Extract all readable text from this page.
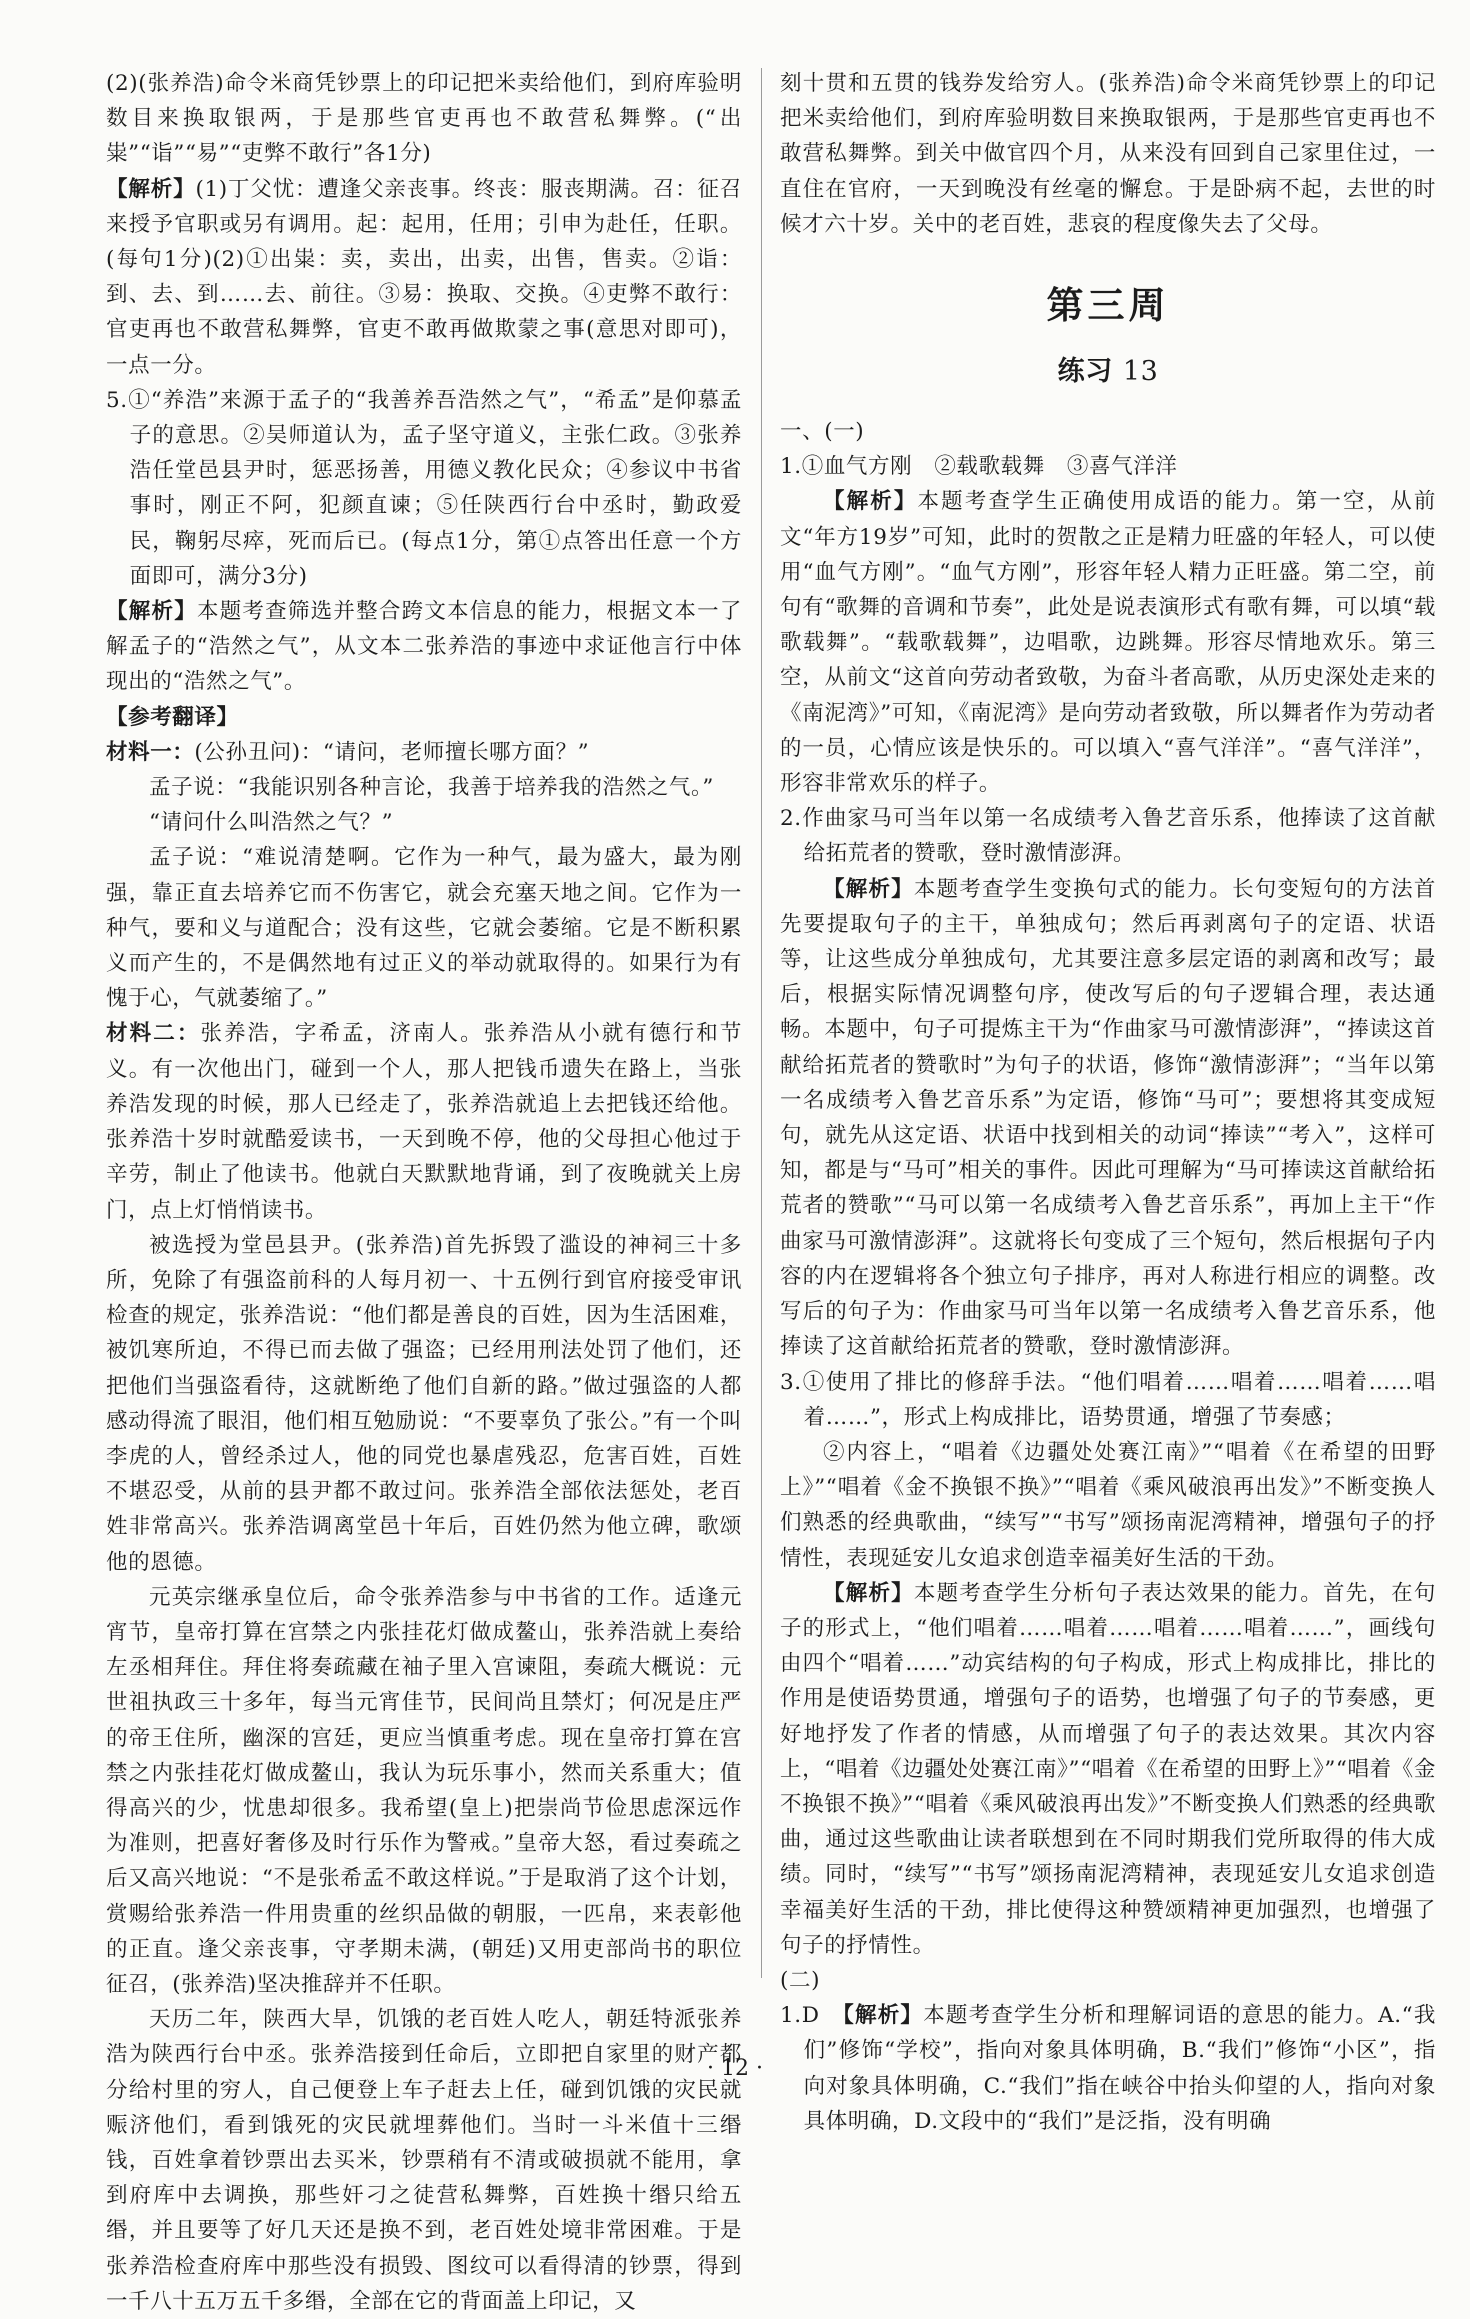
(2)(张养浩)命令米商凭钞票上的印记把米卖给他们，到府库验明数目来换取银两，于是那些官吏再也不敢营私舞弊。(“出粜”“诣”“易”“吏弊不敢行”各1分)

【解析】(1)丁父忧：遭逢父亲丧事。终丧：服丧期满。召：征召来授予官职或另有调用。起：起用，任用；引申为赴任，任职。(每句1分)(2)①出粜：卖，卖出，出卖，出售，售卖。②诣：到、去、到……去、前往。③易：换取、交换。④吏弊不敢行：官吏再也不敢营私舞弊，官吏不敢再做欺蒙之事(意思对即可)，一点一分。

5.①“养浩”来源于孟子的“我善养吾浩然之气”，“希孟”是仰慕孟子的意思。②吴师道认为，孟子坚守道义，主张仁政。③张养浩任堂邑县尹时，惩恶扬善，用德义教化民众；④参议中书省事时，刚正不阿，犯颜直谏；⑤任陕西行台中丞时，勤政爱民，鞠躬尽瘁，死而后已。(每点1分，第①点答出任意一个方面即可，满分3分)

【解析】本题考查筛选并整合跨文本信息的能力，根据文本一了解孟子的“浩然之气”，从文本二张养浩的事迹中求证他言行中体现出的“浩然之气”。

【参考翻译】

材料一：(公孙丑问)：“请问，老师擅长哪方面？”

孟子说：“我能识别各种言论，我善于培养我的浩然之气。”

“请问什么叫浩然之气？”

孟子说：“难说清楚啊。它作为一种气，最为盛大，最为刚强，靠正直去培养它而不伤害它，就会充塞天地之间。它作为一种气，要和义与道配合；没有这些，它就会萎缩。它是不断积累义而产生的，不是偶然地有过正义的举动就取得的。如果行为有愧于心，气就萎缩了。”

材料二：张养浩，字希孟，济南人。张养浩从小就有德行和节义。有一次他出门，碰到一个人，那人把钱币遗失在路上，当张养浩发现的时候，那人已经走了，张养浩就追上去把钱还给他。张养浩十岁时就酷爱读书，一天到晚不停，他的父母担心他过于辛劳，制止了他读书。他就白天默默地背诵，到了夜晚就关上房门，点上灯悄悄读书。

被选授为堂邑县尹。(张养浩)首先拆毁了滥设的神祠三十多所，免除了有强盗前科的人每月初一、十五例行到官府接受审讯检查的规定，张养浩说：“他们都是善良的百姓，因为生活困难，被饥寒所迫，不得已而去做了强盗；已经用刑法处罚了他们，还把他们当强盗看待，这就断绝了他们自新的路。”做过强盗的人都感动得流了眼泪，他们相互勉励说：“不要辜负了张公。”有一个叫李虎的人，曾经杀过人，他的同党也暴虐残忍，危害百姓，百姓不堪忍受，从前的县尹都不敢过问。张养浩全部依法惩处，老百姓非常高兴。张养浩调离堂邑十年后，百姓仍然为他立碑，歌颂他的恩德。

元英宗继承皇位后，命令张养浩参与中书省的工作。适逢元宵节，皇帝打算在宫禁之内张挂花灯做成鳌山，张养浩就上奏给左丞相拜住。拜住将奏疏藏在袖子里入宫谏阻，奏疏大概说：元世祖执政三十多年，每当元宵佳节，民间尚且禁灯；何况是庄严的帝王住所，幽深的宫廷，更应当慎重考虑。现在皇帝打算在宫禁之内张挂花灯做成鳌山，我认为玩乐事小，然而关系重大；值得高兴的少，忧患却很多。我希望(皇上)把崇尚节俭思虑深远作为准则，把喜好奢侈及时行乐作为警戒。”皇帝大怒，看过奏疏之后又高兴地说：“不是张希孟不敢这样说。”于是取消了这个计划，赏赐给张养浩一件用贵重的丝织品做的朝服，一匹帛，来表彰他的正直。逢父亲丧事，守孝期未满，(朝廷)又用吏部尚书的职位征召，(张养浩)坚决推辞并不任职。

天历二年，陕西大旱，饥饿的老百姓人吃人，朝廷特派张养浩为陕西行台中丞。张养浩接到任命后，立即把自家里的财产都分给村里的穷人，自己便登上车子赶去上任，碰到饥饿的灾民就赈济他们，看到饿死的灾民就埋葬他们。当时一斗米值十三缗钱，百姓拿着钞票出去买米，钞票稍有不清或破损就不能用，拿到府库中去调换，那些奸刁之徒营私舞弊，百姓换十缗只给五缗，并且要等了好几天还是换不到，老百姓处境非常困难。于是张养浩检查府库中那些没有损毁、图纹可以看得清的钞票，得到一千八十五万五千多缗，全部在它的背面盖上印记，又

刻十贯和五贯的钱券发给穷人。(张养浩)命令米商凭钞票上的印记把米卖给他们，到府库验明数目来换取银两，于是那些官吏再也不敢营私舞弊。到关中做官四个月，从来没有回到自己家里住过，一直住在官府，一天到晚没有丝毫的懈怠。于是卧病不起，去世的时候才六十岁。关中的老百姓，悲哀的程度像失去了父母。

第三周
练习 13

一、(一)

1.①血气方刚　②载歌载舞　③喜气洋洋

【解析】本题考查学生正确使用成语的能力。第一空，从前文“年方19岁”可知，此时的贺散之正是精力旺盛的年轻人，可以使用“血气方刚”。“血气方刚”，形容年轻人精力正旺盛。第二空，前句有“歌舞的音调和节奏”，此处是说表演形式有歌有舞，可以填“载歌载舞”。“载歌载舞”，边唱歌，边跳舞。形容尽情地欢乐。第三空，从前文“这首向劳动者致敬，为奋斗者高歌，从历史深处走来的《南泥湾》”可知，《南泥湾》是向劳动者致敬，所以舞者作为劳动者的一员，心情应该是快乐的。可以填入“喜气洋洋”。“喜气洋洋”，形容非常欢乐的样子。

2.作曲家马可当年以第一名成绩考入鲁艺音乐系，他捧读了这首献给拓荒者的赞歌，登时激情澎湃。

【解析】本题考查学生变换句式的能力。长句变短句的方法首先要提取句子的主干，单独成句；然后再剥离句子的定语、状语等，让这些成分单独成句，尤其要注意多层定语的剥离和改写；最后，根据实际情况调整句序，使改写后的句子逻辑合理，表达通畅。本题中，句子可提炼主干为“作曲家马可激情澎湃”，“捧读这首献给拓荒者的赞歌时”为句子的状语，修饰“激情澎湃”；“当年以第一名成绩考入鲁艺音乐系”为定语，修饰“马可”；要想将其变成短句，就先从这定语、状语中找到相关的动词“捧读”“考入”，这样可知，都是与“马可”相关的事件。因此可理解为“马可捧读这首献给拓荒者的赞歌”“马可以第一名成绩考入鲁艺音乐系”，再加上主干“作曲家马可激情澎湃”。这就将长句变成了三个短句，然后根据句子内容的内在逻辑将各个独立句子排序，再对人称进行相应的调整。改写后的句子为：作曲家马可当年以第一名成绩考入鲁艺音乐系，他捧读了这首献给拓荒者的赞歌，登时激情澎湃。

3.①使用了排比的修辞手法。“他们唱着……唱着……唱着……唱着……”，形式上构成排比，语势贯通，增强了节奏感；

②内容上，“唱着《边疆处处赛江南》”“唱着《在希望的田野上》”“唱着《金不换银不换》”“唱着《乘风破浪再出发》”不断变换人们熟悉的经典歌曲，“续写”“书写”颂扬南泥湾精神，增强句子的抒情性，表现延安儿女追求创造幸福美好生活的干劲。

【解析】本题考查学生分析句子表达效果的能力。首先，在句子的形式上，“他们唱着……唱着……唱着……唱着……”，画线句由四个“唱着……”动宾结构的句子构成，形式上构成排比，排比的作用是使语势贯通，增强句子的语势，也增强了句子的节奏感，更好地抒发了作者的情感，从而增强了句子的表达效果。其次内容上，“唱着《边疆处处赛江南》”“唱着《在希望的田野上》”“唱着《金不换银不换》”“唱着《乘风破浪再出发》”不断变换人们熟悉的经典歌曲，通过这些歌曲让读者联想到在不同时期我们党所取得的伟大成绩。同时，“续写”“书写”颂扬南泥湾精神，表现延安儿女追求创造幸福美好生活的干劲，排比使得这种赞颂精神更加强烈，也增强了句子的抒情性。

(二)

1.D　 【解析】本题考查学生分析和理解词语的意思的能力。A.“我们”修饰“学校”，指向对象具体明确，B.“我们”修饰“小区”，指向对象具体明确，C.“我们”指在峡谷中抬头仰望的人，指向对象具体明确，D.文段中的“我们”是泛指，没有明确

· 12 ·
